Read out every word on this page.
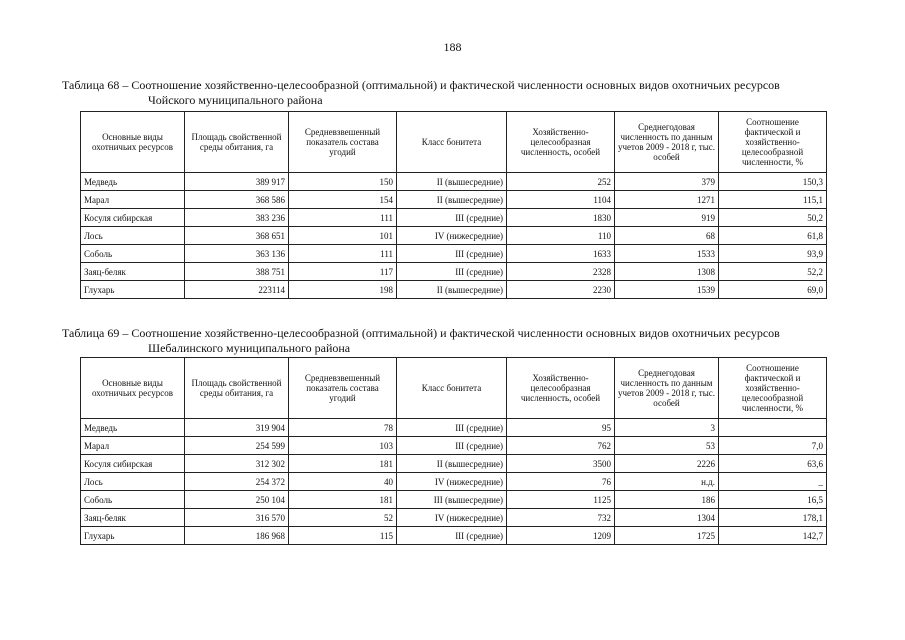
188
Таблица 68 – Соотношение хозяйственно-целесообразной (оптимальной) и фактической численности основных видов охотничьих ресурсов
Чойского муниципального района
Основные виды охотничьих ресурсов	Площадь свойственной среды обитания, га	Средневзвешенный показатель состава угодий	Класс бонитета	Хозяйственно-целесообразная численность, особей	Среднегодовая численность по данным учетов 2009 - 2018 г, тыс. особей	Соотношение фактической и хозяйственно-целесообразной численности, %
Медведь	389 917	150	II (вышесредние)	252	379	150,3
Марал	368 586	154	II (вышесредние)	1104	1271	115,1
Косуля сибирская	383 236	111	III (средние)	1830	919	50,2
Лось	368 651	101	IV (нижесредние)	110	68	61,8
Соболь	363 136	111	III (средние)	1633	1533	93,9
Заяц-беляк	388 751	117	III (средние)	2328	1308	52,2
Глухарь	223114	198	II (вышесредние)	2230	1539	69,0
Таблица 69 – Соотношение хозяйственно-целесообразной (оптимальной) и фактической численности основных видов охотничьих ресурсов
Шебалинского муниципального района
Основные виды охотничьих ресурсов	Площадь свойственной среды обитания, га	Средневзвешенный показатель состава угодий	Класс бонитета	Хозяйственно-целесообразная численность, особей	Среднегодовая численность по данным учетов 2009 - 2018 г, тыс. особей	Соотношение фактической и хозяйственно-целесообразной численности, %
Медведь	319 904	78	III (средние)	95	3	
Марал	254 599	103	III (средние)	762	53	7,0
Косуля сибирская	312 302	181	II (вышесредние)	3500	2226	63,6
Лось	254 372	40	IV (нижесредние)	76	н.д.	_
Соболь	250 104	181	III (вышесредние)	1125	186	16,5
Заяц-беляк	316 570	52	IV (нижесредние)	732	1304	178,1
Глухарь	186 968	115	III (средние)	1209	1725	142,7
